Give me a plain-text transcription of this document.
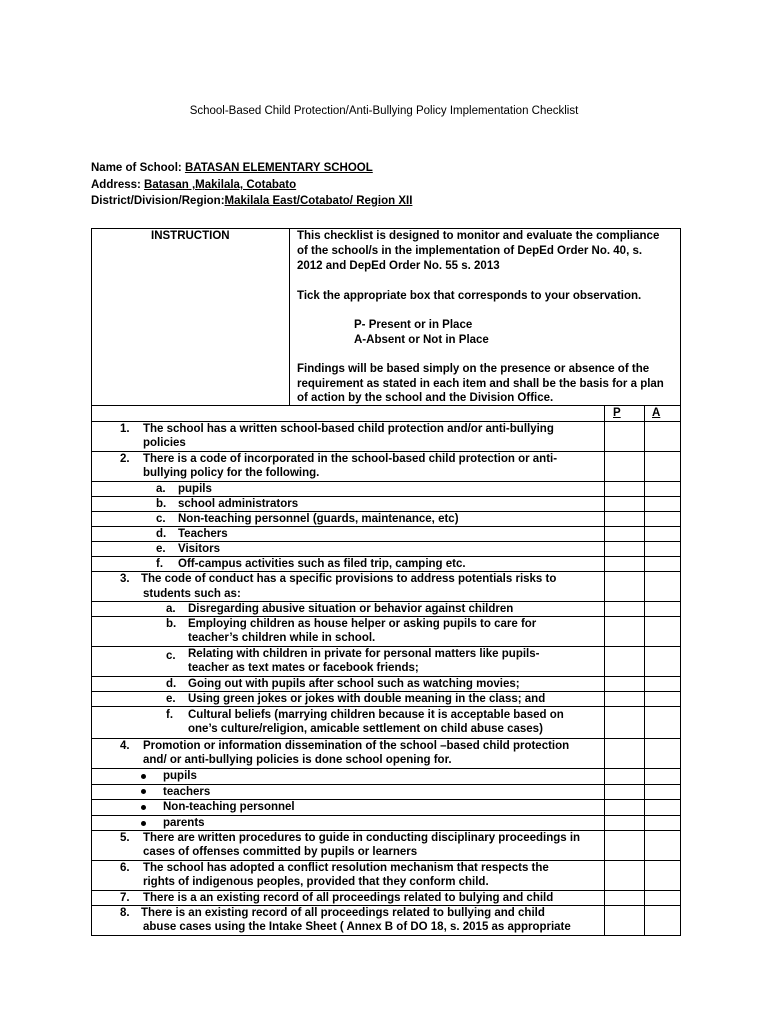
School-Based Child Protection/Anti-Bullying Policy Implementation Checklist
Name of School: BATASAN ELEMENTARY SCHOOL
Address: Batasan ,Makilala, Cotabato
District/Division/Region:Makilala East/Cotabato/ Region XII
INSTRUCTION	This checklist is designed to monitor and evaluate the compliance
of the school/s in the implementation of DepEd Order No. 40, s.
2012 and DepEd Order No. 55 s. 2013
Tick the appropriate box that corresponds to your observation.
P- Present or in Place
A-Absent or Not in Place
Findings will be based simply on the presence or absence of the
requirement as stated in each item and shall be the basis for a plan
of action by the school and the Division Office.
P	A
1. The school has a written school-based child protection and/or anti-bullying
policies
2. There is a code of incorporated in the school-based child protection or anti-
bullying policy for the following.
a. pupils
b. school administrators
c. Non-teaching personnel (guards, maintenance, etc)
d. Teachers
e. Visitors
f. Off-campus activities such as filed trip, camping etc.
3. The code of conduct has a specific provisions to address potentials risks to
students such as:
a. Disregarding abusive situation or behavior against children
b. Employing children as house helper or asking pupils to care for
teacher’s children while in school.
c. Relating with children in private for personal matters like pupils-
teacher as text mates or facebook friends;
d. Going out with pupils after school such as watching movies;
e. Using green jokes or jokes with double meaning in the class; and
f. Cultural beliefs (marrying children because it is acceptable based on
one’s culture/religion, amicable settlement on child abuse cases)
4. Promotion or information dissemination of the school –based child protection
and/ or anti-bullying policies is done school opening for.
pupils
teachers
Non-teaching personnel
parents
5. There are written procedures to guide in conducting disciplinary proceedings in
cases of offenses committed by pupils or learners
6. The school has adopted a conflict resolution mechanism that respects the
rights of indigenous peoples, provided that they conform child.
7. There is a an existing record of all proceedings related to bulying and child
8. There is an existing record of all proceedings related to bullying and child
abuse cases using the Intake Sheet ( Annex B of DO 18, s. 2015 as appropriate
